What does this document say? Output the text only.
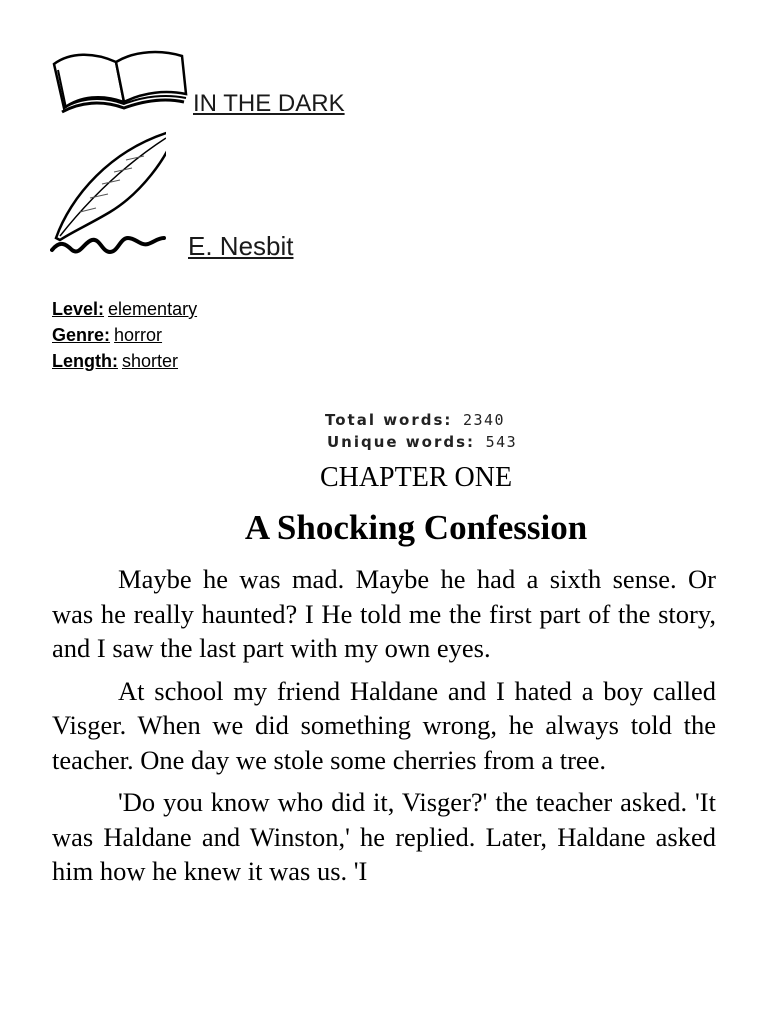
IN THE DARK
E. Nesbit
Level: elementary
Genre: horror
Length: shorter
Total words: 2340
Unique words: 543
CHAPTER ONE
A Shocking Confession

Maybe he was mad. Maybe he had a sixth sense. Or was he really haunted? I He told me the first part of the story, and I saw the last part with my own eyes.

At school my friend Haldane and I hated a boy called Visger. When we did something wrong, he always told the teacher. One day we stole some cherries from a tree.

'Do you know who did it, Visger?' the teacher asked. 'It was Haldane and Winston,' he replied. Later, Haldane asked him how he knew it was us. 'I
